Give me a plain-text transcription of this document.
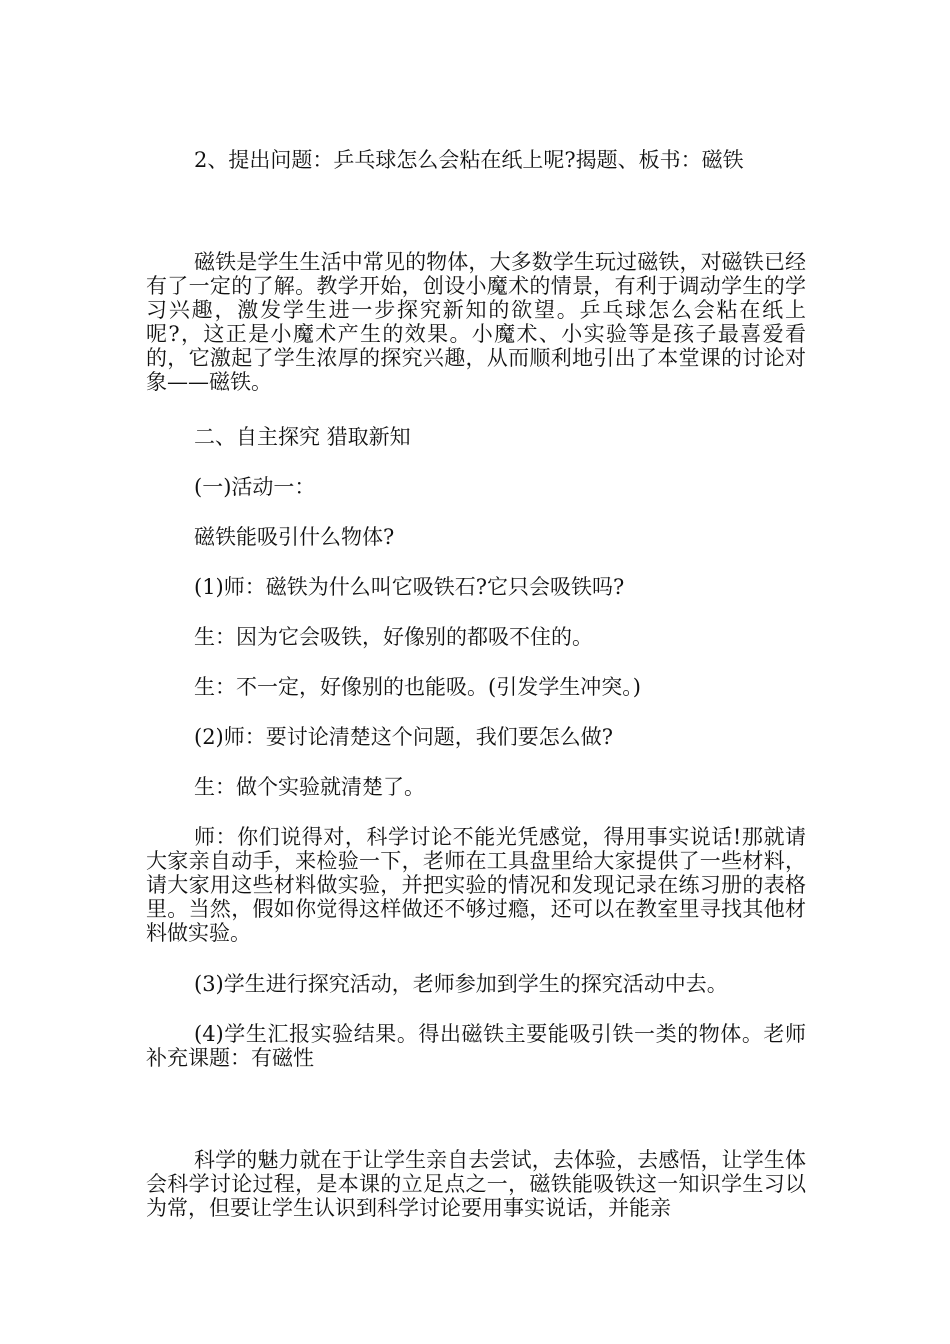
2、提出问题：乒乓球怎么会粘在纸上呢?揭题、板书：磁铁

磁铁是学生生活中常见的物体，大多数学生玩过磁铁，对磁铁已经有了一定的了解。教学开始，创设小魔术的情景，有利于调动学生的学习兴趣，激发学生进一步探究新知的欲望。乒乓球怎么会粘在纸上呢?，这正是小魔术产生的效果。小魔术、小实验等是孩子最喜爱看的，它激起了学生浓厚的探究兴趣，从而顺利地引出了本堂课的讨论对象——磁铁。

二、自主探究 猎取新知

(一)活动一：

磁铁能吸引什么物体?

(1)师：磁铁为什么叫它吸铁石?它只会吸铁吗?

生：因为它会吸铁，好像别的都吸不住的。

生：不一定，好像别的也能吸。(引发学生冲突。)

(2)师：要讨论清楚这个问题，我们要怎么做?

生：做个实验就清楚了。

师：你们说得对，科学讨论不能光凭感觉，得用事实说话!那就请大家亲自动手，来检验一下，老师在工具盘里给大家提供了一些材料，请大家用这些材料做实验，并把实验的情况和发现记录在练习册的表格里。当然，假如你觉得这样做还不够过瘾，还可以在教室里寻找其他材料做实验。

(3)学生进行探究活动，老师参加到学生的探究活动中去。

(4)学生汇报实验结果。得出磁铁主要能吸引铁一类的物体。老师补充课题：有磁性

科学的魅力就在于让学生亲自去尝试，去体验，去感悟，让学生体会科学讨论过程，是本课的立足点之一，磁铁能吸铁这一知识学生习以为常，但要让学生认识到科学讨论要用事实说话，并能亲
